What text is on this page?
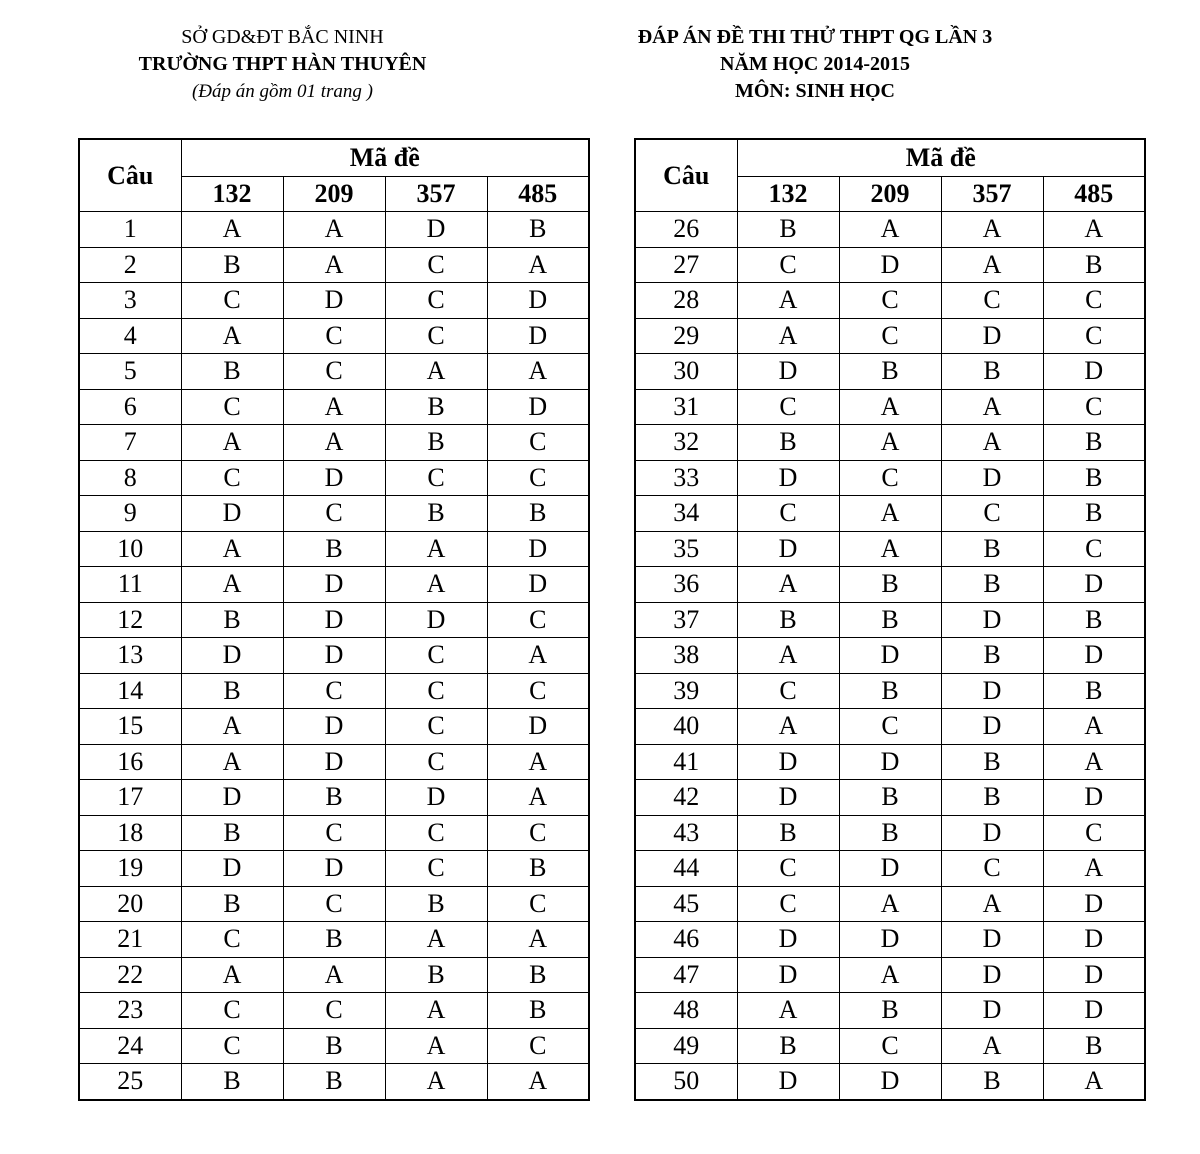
SỞ GD&ĐT BẮC NINH
TRƯỜNG THPT HÀN THUYÊN
(Đáp án gồm 01 trang )
ĐÁP ÁN ĐỀ THI THỬ THPT QG LẦN 3
NĂM HỌC 2014-2015
MÔN: SINH HỌC
Câu	Mã đề			
	132	209	357	485
1	A	A	D	B
2	B	A	C	A
3	C	D	C	D
4	A	C	C	D
5	B	C	A	A
6	C	A	B	D
7	A	A	B	C
8	C	D	C	C
9	D	C	B	B
10	A	B	A	D
11	A	D	A	D
12	B	D	D	C
13	D	D	C	A
14	B	C	C	C
15	A	D	C	D
16	A	D	C	A
17	D	B	D	A
18	B	C	C	C
19	D	D	C	B
20	B	C	B	C
21	C	B	A	A
22	A	A	B	B
23	C	C	A	B
24	C	B	A	C
25	B	B	A	A
Câu	Mã đề			
	132	209	357	485
26	B	A	A	A
27	C	D	A	B
28	A	C	C	C
29	A	C	D	C
30	D	B	B	D
31	C	A	A	C
32	B	A	A	B
33	D	C	D	B
34	C	A	C	B
35	D	A	B	C
36	A	B	B	D
37	B	B	D	B
38	A	D	B	D
39	C	B	D	B
40	A	C	D	A
41	D	D	B	A
42	D	B	B	D
43	B	B	D	C
44	C	D	C	A
45	C	A	A	D
46	D	D	D	D
47	D	A	D	D
48	A	B	D	D
49	B	C	A	B
50	D	D	B	A
